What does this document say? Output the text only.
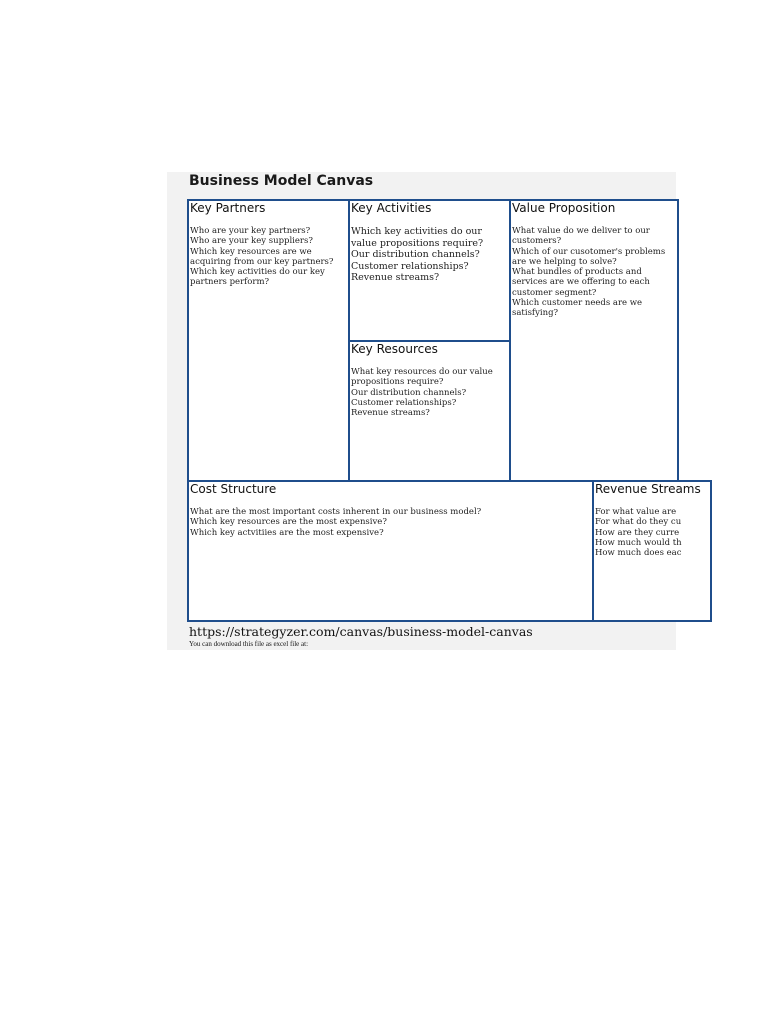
Business Model Canvas
Key Partners
Who are your key partners?
Who are your key suppliers?
Which key resources are we
acquiring from our key partners?
Which key activities do our key
partners perform?
Key Activities
Which key activities do our
value propositions require?
Our distribution channels?
Customer relationships?
Revenue streams?
Key Resources
What key resources do our value
propositions require?
Our distribution channels?
Customer relationships?
Revenue streams?
Value Proposition
What value do we deliver to our
customers?
Which of our cusotomer's problems
are we helping to solve?
What bundles of products and
services are we offering to each
customer segment?
Which customer needs are we
satisfying?
Cost Structure
What are the most important costs inherent in our business model?
Which key resources are the most expensive?
Which key actvitiies are the most expensive?
Revenue Streams
For what value are
For what do they cu
How are they curre
How much would th
How much does eac
https://strategyzer.com/canvas/business-model-canvas
You can download this file as excel file at:
